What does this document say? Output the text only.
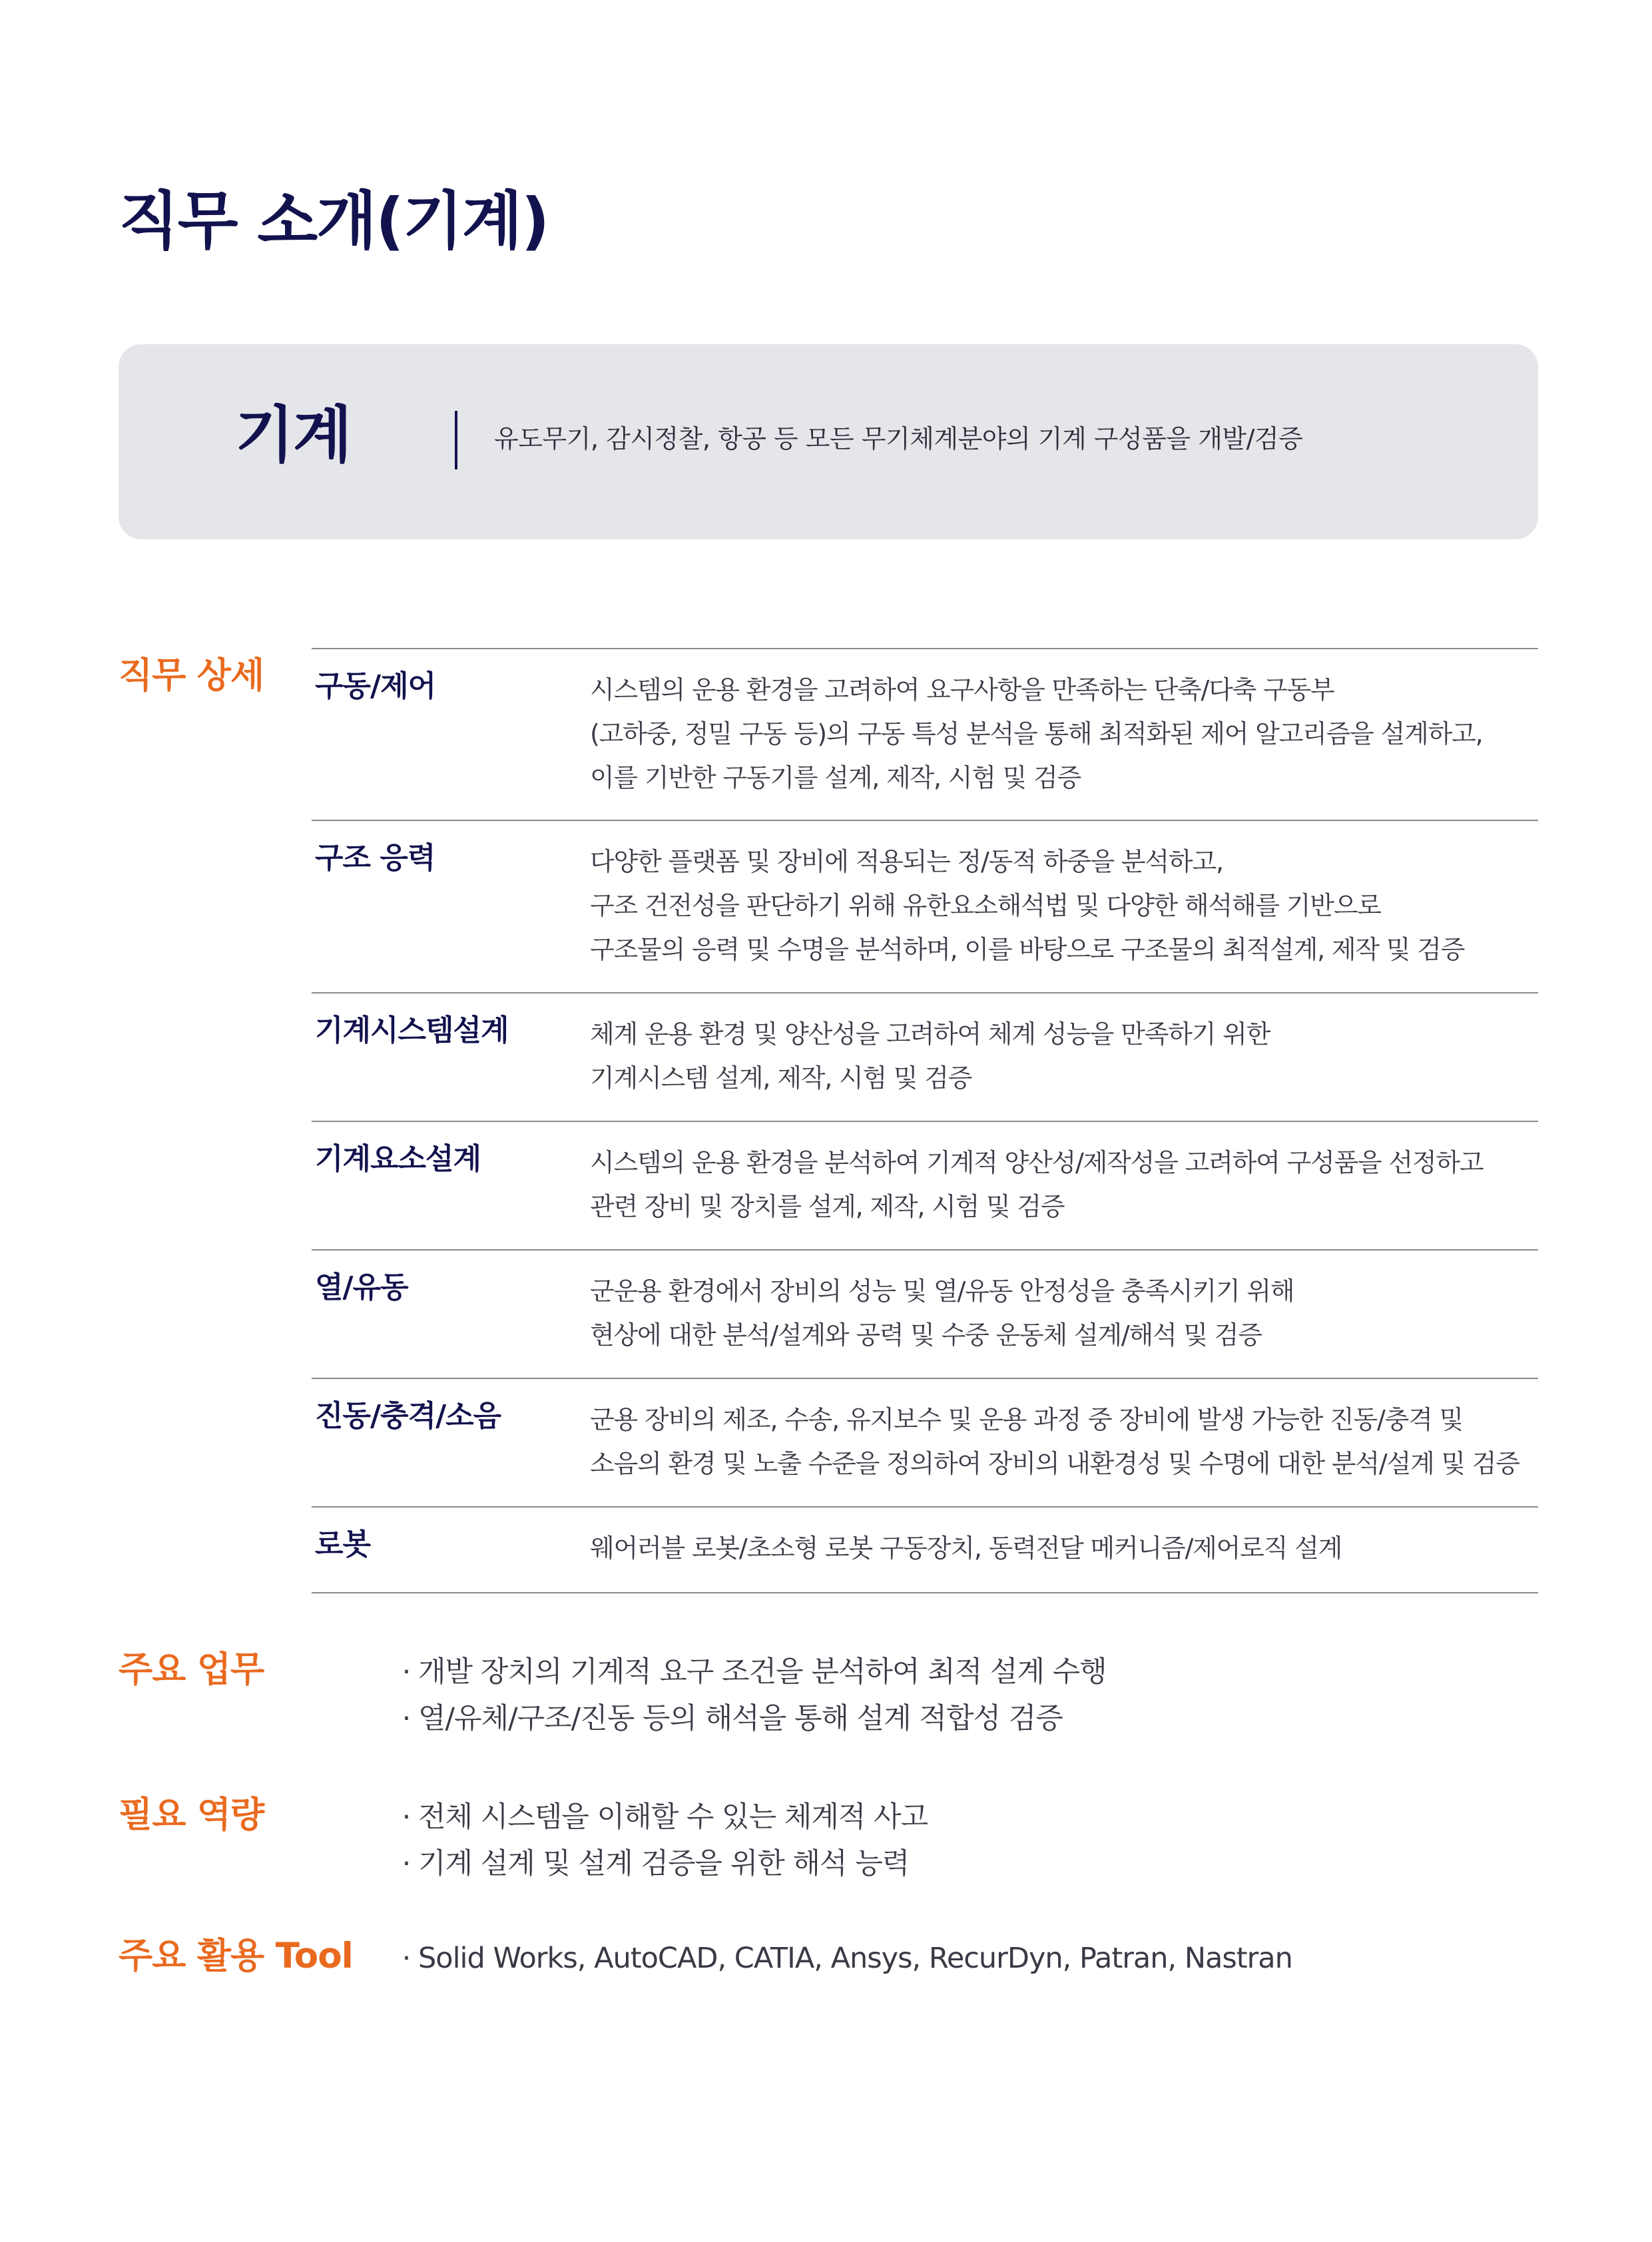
직무 소개(기계)
기계	유도무기, 감시정찰, 항공 등 모든 무기체계분야의 기계 구성품을 개발/검증
직무 상세 구동/제어	시스템의 운용 환경을 고려하여 요구사항을 만족하는 단축/다축 구동부
(고하중, 정밀 구동 등)의 구동 특성 분석을 통해 최적화된 제어 알고리즘을 설계하고,
이를 기반한 구동기를 설계, 제작, 시험 및 검증
구조 응력	다양한 플랫폼 및 장비에 적용되는 정/동적 하중을 분석하고,
구조 건전성을 판단하기 위해 유한요소해석법 및 다양한 해석해를 기반으로
구조물의 응력 및 수명을 분석하며, 이를 바탕으로 구조물의 최적설계, 제작 및 검증
기계시스템설계	체계 운용 환경 및 양산성을 고려하여 체계 성능을 만족하기 위한
기계시스템 설계, 제작, 시험 및 검증
기계요소설계	시스템의 운용 환경을 분석하여 기계적 양산성/제작성을 고려하여 구성품을 선정하고
관련 장비 및 장치를 설계, 제작, 시험 및 검증
열/유동	군운용 환경에서 장비의 성능 및 열/유동 안정성을 충족시키기 위해
현상에 대한 분석/설계와 공력 및 수중 운동체 설계/해석 및 검증
진동/충격/소음	군용 장비의 제조, 수송, 유지보수 및 운용 과정 중 장비에 발생 가능한 진동/충격 및
소음의 환경 및 노출 수준을 정의하여 장비의 내환경성 및 수명에 대한 분석/설계 및 검증
로봇	웨어러블 로봇/초소형 로봇 구동장치, 동력전달 메커니즘/제어로직 설계
주요 업무	· 개발 장치의 기계적 요구 조건을 분석하여 최적 설계 수행
· 열/유체/구조/진동 등의 해석을 통해 설계 적합성 검증
필요 역량	· 전체 시스템을 이해할 수 있는 체계적 사고
· 기계 설계 및 설계 검증을 위한 해석 능력
주요 활용 Tool · Solid Works, AutoCAD, CATIA, Ansys, RecurDyn, Patran, Nastran
